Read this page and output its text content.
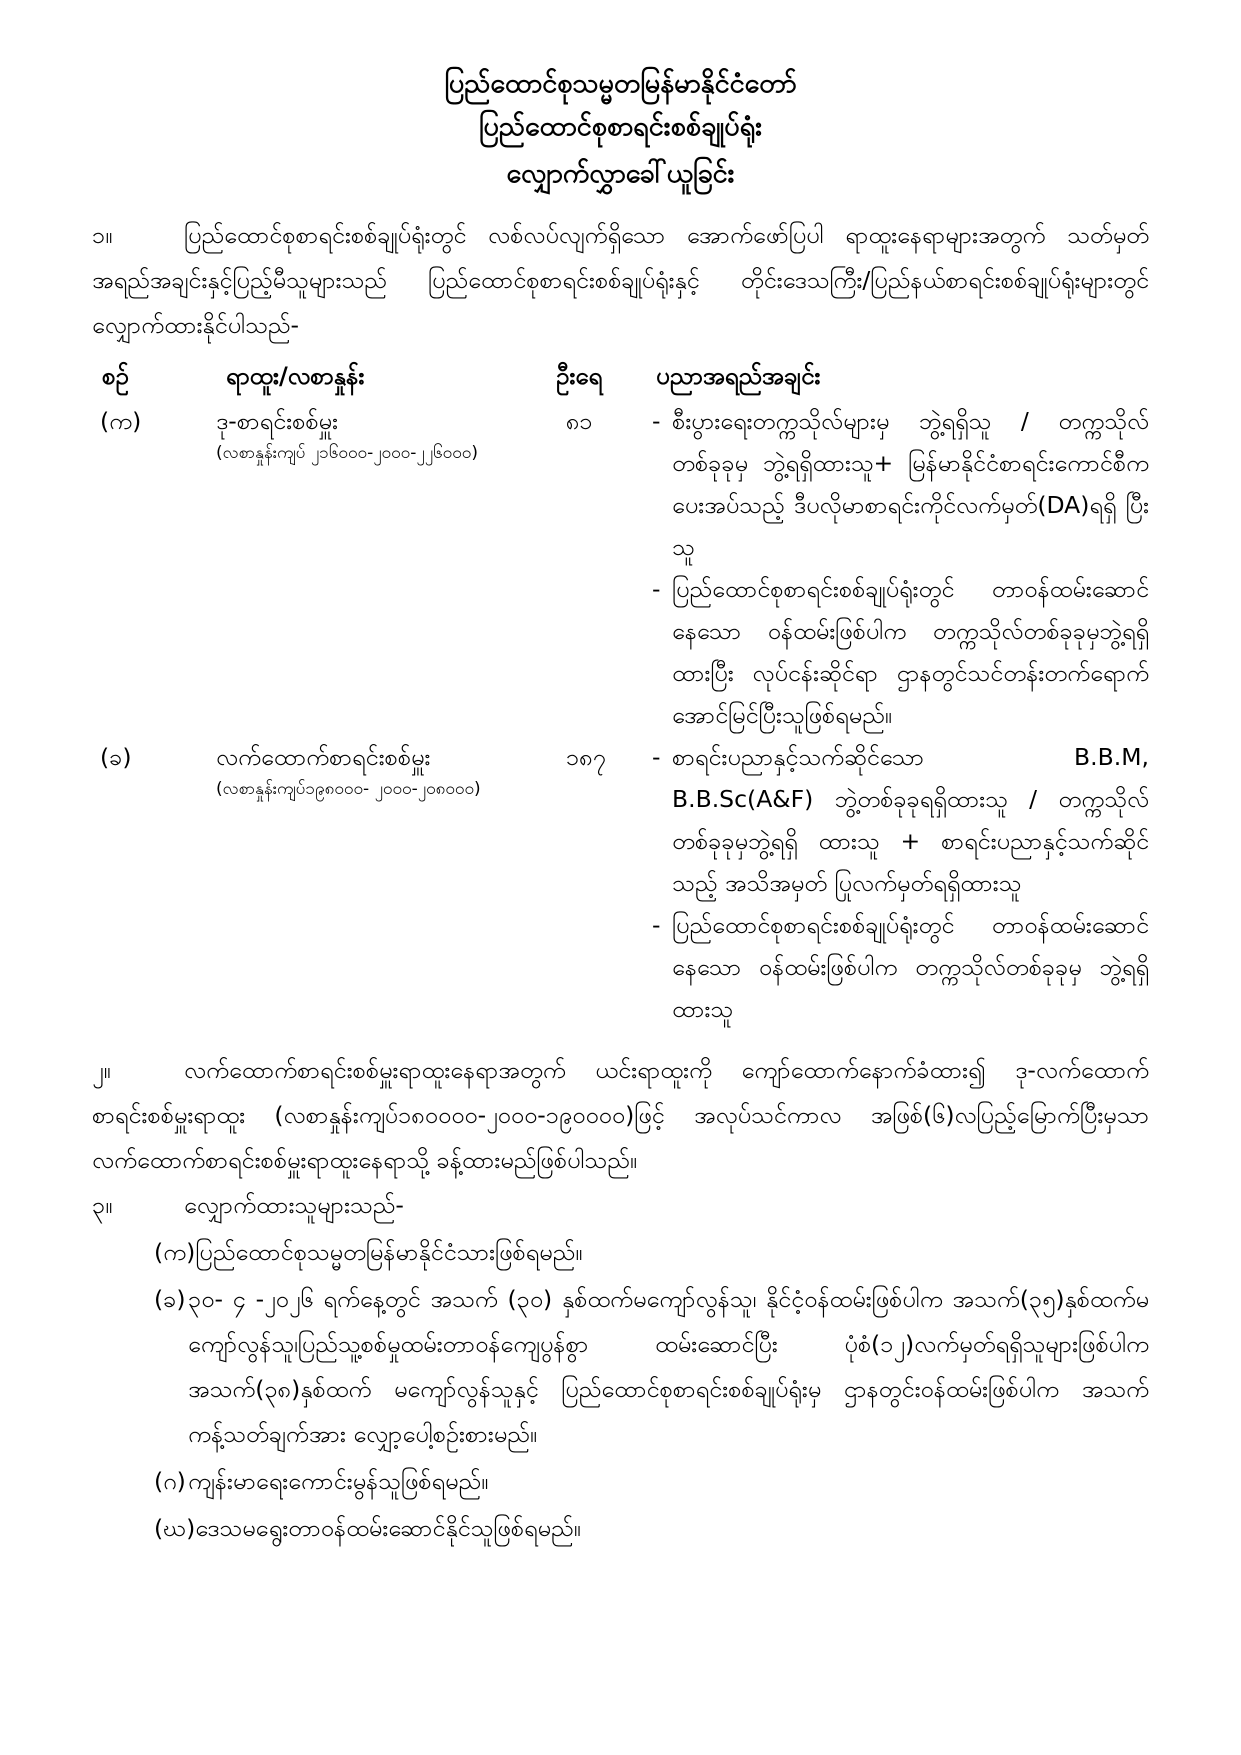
ပြည်ထောင်စုသမ္မတမြန်မာနိုင်ငံတော်
ပြည်ထောင်စုစာရင်းစစ်ချုပ်ရုံး
လျှောက်လွှာခေါ်ယူခြင်း
၁။	ပြည်ထောင်စုစာရင်းစစ်ချုပ်ရုံးတွင် လစ်လပ်လျက်ရှိသော အောက်ဖော်ပြပါ ရာထူးနေရာများအတွက် သတ်မှတ်အရည်အချင်းနှင့်ပြည့်မီသူများသည် ပြည်ထောင်စုစာရင်းစစ်ချုပ်ရုံးနှင့် တိုင်းဒေသကြီး/ပြည်နယ်စာရင်းစစ်ချုပ်ရုံးများတွင် လျှောက်ထားနိုင်ပါသည်-
စဉ်	ရာထူး/လစာနှုန်း	ဦးရေ	ပညာအရည်အချင်း
(က)	ဒု-စာရင်းစစ်မှူး
(လစာနှုန်းကျပ် ၂၁၆၀၀၀-၂၀၀၀-၂၂၆၀၀၀)
	၈၁	- စီးပွားရေးတက္ကသိုလ်များမှ ဘွဲ့ရရှိသူ / တက္ကသိုလ် တစ်ခုခုမှ ဘွဲ့ရရှိထားသူ+ မြန်မာနိုင်ငံစာရင်းကောင်စီက ပေးအပ်သည့် ဒီပလိုမာစာရင်းကိုင်လက်မှတ်(DA)ရရှိ ပြီးသူ
- ပြည်ထောင်စုစာရင်းစစ်ချုပ်ရုံးတွင် တာဝန်ထမ်းဆောင် နေသော ဝန်ထမ်းဖြစ်ပါက တက္ကသိုလ်တစ်ခုခုမှဘွဲ့ရရှိ ထားပြီး လုပ်ငန်းဆိုင်ရာ ဌာနတွင်သင်တန်းတက်ရောက် အောင်မြင်ပြီးသူဖြစ်ရမည်။

(ခ)	လက်ထောက်စာရင်းစစ်မှူး
(လစာနှုန်းကျပ်၁၉၈၀၀၀- ၂၀၀၀-၂၀၈၀၀၀)
	၁၈၇	- စာရင်းပညာနှင့်သက်ဆိုင်သော B.B.M, B.B.Sc(A&F) ဘွဲ့တစ်ခုခုရရှိထားသူ / တက္ကသိုလ်တစ်ခုခုမှဘွဲ့ရရှိ ထားသူ + စာရင်းပညာနှင့်သက်ဆိုင်သည့် အသိအမှတ် ပြုလက်မှတ်ရရှိထားသူ
- ပြည်ထောင်စုစာရင်းစစ်ချုပ်ရုံးတွင် တာဝန်ထမ်းဆောင် နေသော ဝန်ထမ်းဖြစ်ပါက တက္ကသိုလ်တစ်ခုခုမှ ဘွဲ့ရရှိ ထားသူ
၂။	လက်ထောက်စာရင်းစစ်မှူးရာထူးနေရာအတွက် ယင်းရာထူးကို ကျော်ထောက်နောက်ခံထား၍ ဒု-လက်ထောက်စာရင်းစစ်မှူးရာထူး (လစာနှုန်းကျပ်၁၈၀၀၀၀-၂၀၀၀-၁၉၀၀၀၀)ဖြင့် အလုပ်သင်ကာလ အဖြစ်(၆)လပြည့်မြောက်ပြီးမှသာ လက်ထောက်စာရင်းစစ်မှူးရာထူးနေရာသို့ ခန့်ထားမည်ဖြစ်ပါသည်။
၃။	လျှောက်ထားသူများသည်-
(က) ပြည်ထောင်စုသမ္မတမြန်မာနိုင်ငံသားဖြစ်ရမည်။
(ခ) ၃၀- ၄ -၂၀၂၆ ရက်နေ့တွင် အသက် (၃၀) နှစ်ထက်မကျော်လွန်သူ၊ နိုင်ငံ့ဝန်ထမ်းဖြစ်ပါက အသက်(၃၅)နှစ်ထက်မကျော်လွန်သူ၊ပြည်သူ့စစ်မှုထမ်းတာဝန်ကျေပွန်စွာ ထမ်းဆောင်ပြီး ပုံစံ(၁၂)လက်မှတ်ရရှိသူများဖြစ်ပါက အသက်(၃၈)နှစ်ထက် မကျော်လွန်သူနှင့် ပြည်ထောင်စုစာရင်းစစ်ချုပ်ရုံးမှ ဌာနတွင်းဝန်ထမ်းဖြစ်ပါက အသက်ကန့်သတ်ချက်အား လျှော့ပေါ့စဉ်းစားမည်။
(ဂ) ကျန်းမာရေးကောင်းမွန်သူဖြစ်ရမည်။
(ဃ) ဒေသမရွေးတာဝန်ထမ်းဆောင်နိုင်သူဖြစ်ရမည်။
